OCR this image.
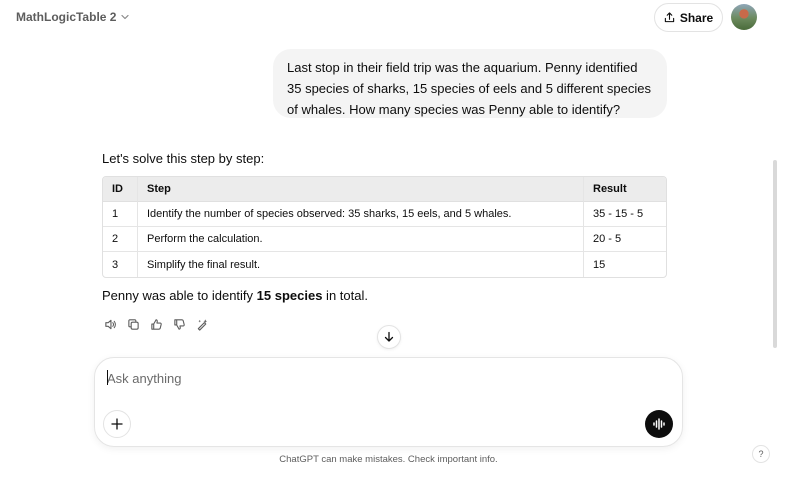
MathLogicTable 2	Share
Last stop in their field trip was the aquarium. Penny identified 35 species of sharks, 15 species of eels and 5 different species of whales. How many species was Penny able to identify?
Let's solve this step by step:
ID	Step	Result
1	Identify the number of species observed: 35 sharks, 15 eels, and 5 whales.	35 - 15 - 5
2	Perform the calculation.	20 - 5
3	Simplify the final result.	15
Penny was able to identify 15 species in total.
Ask anything
ChatGPT can make mistakes. Check important info.	?
